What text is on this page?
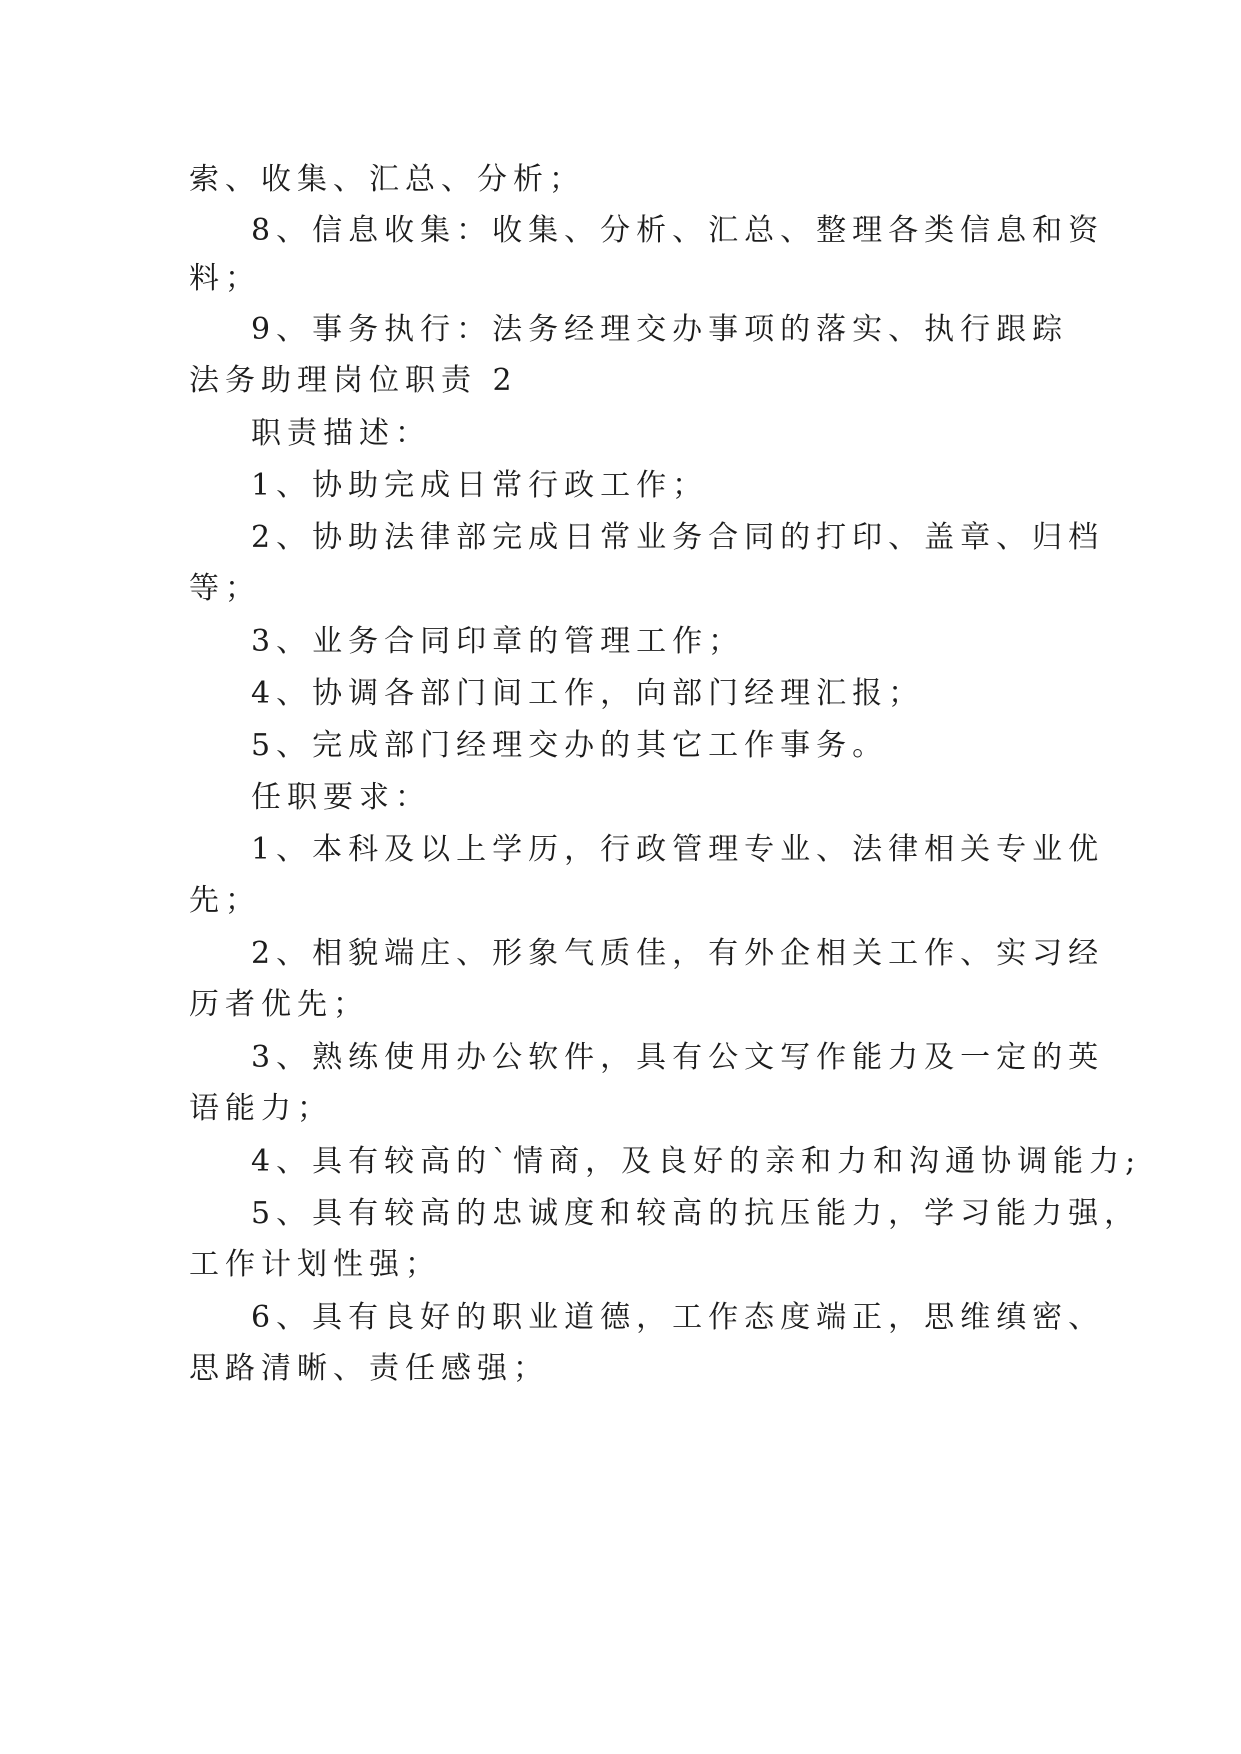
索、收集、汇总、分析；
8、信息收集：收集、分析、汇总、整理各类信息和资
料；
9、事务执行：法务经理交办事项的落实、执行跟踪
法务助理岗位职责 2
职责描述：
1、协助完成日常行政工作；
2、协助法律部完成日常业务合同的打印、盖章、归档
等；
3、业务合同印章的管理工作；
4、协调各部门间工作，向部门经理汇报；
5、完成部门经理交办的其它工作事务。
任职要求：
1、本科及以上学历，行政管理专业、法律相关专业优
先；
2、相貌端庄、形象气质佳，有外企相关工作、实习经
历者优先；
3、熟练使用办公软件，具有公文写作能力及一定的英
语能力；
4、具有较高的`情商，及良好的亲和力和沟通协调能力;
5、具有较高的忠诚度和较高的抗压能力，学习能力强，
工作计划性强；
6、具有良好的职业道德，工作态度端正，思维缜密、
思路清晰、责任感强；
